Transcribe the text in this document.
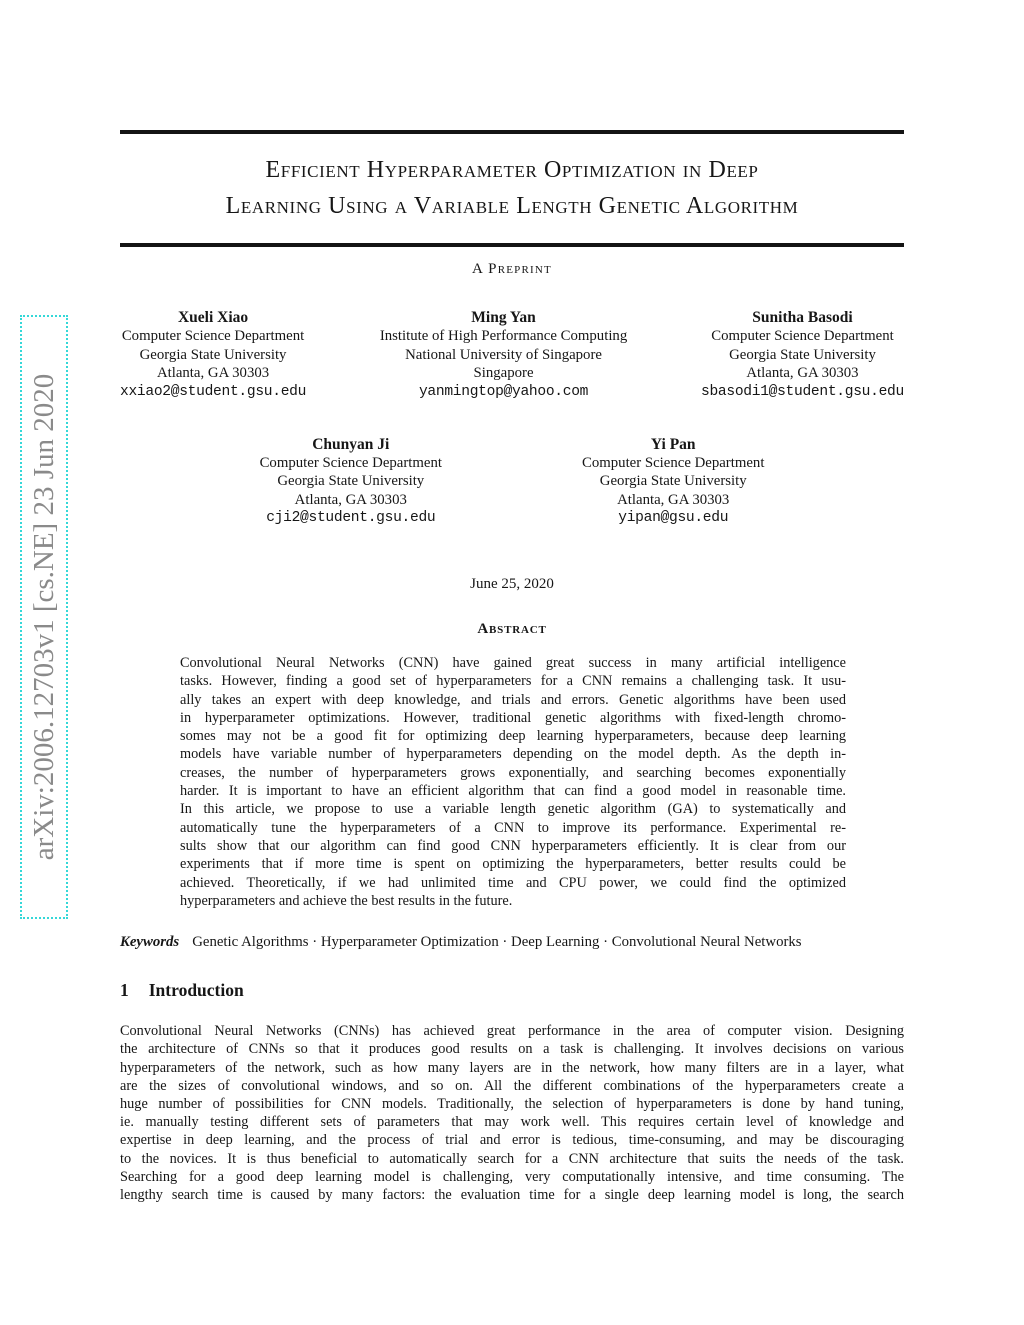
arXiv:2006.12703v1 [cs.NE] 23 Jun 2020
Efficient Hyperparameter Optimization in Deep
Learning Using a Variable Length Genetic Algorithm
A Preprint
Xueli Xiao
Computer Science Department
Georgia State University
Atlanta, GA 30303
xxiao2@student.gsu.edu
Ming Yan
Institute of High Performance Computing
National University of Singapore
Singapore
yanmingtop@yahoo.com
Sunitha Basodi
Computer Science Department
Georgia State University
Atlanta, GA 30303
sbasodi1@student.gsu.edu
Chunyan Ji
Computer Science Department
Georgia State University
Atlanta, GA 30303
cji2@student.gsu.edu
Yi Pan
Computer Science Department
Georgia State University
Atlanta, GA 30303
yipan@gsu.edu
June 25, 2020
Abstract
Convolutional Neural Networks (CNN) have gained great success in many artificial intelligence
tasks. However, finding a good set of hyperparameters for a CNN remains a challenging task. It usu-
ally takes an expert with deep knowledge, and trials and errors. Genetic algorithms have been used
in hyperparameter optimizations. However, traditional genetic algorithms with fixed-length chromo-
somes may not be a good fit for optimizing deep learning hyperparameters, because deep learning
models have variable number of hyperparameters depending on the model depth. As the depth in-
creases, the number of hyperparameters grows exponentially, and searching becomes exponentially
harder. It is important to have an efficient algorithm that can find a good model in reasonable time.
In this article, we propose to use a variable length genetic algorithm (GA) to systematically and
automatically tune the hyperparameters of a CNN to improve its performance. Experimental re-
sults show that our algorithm can find good CNN hyperparameters efficiently. It is clear from our
experiments that if more time is spent on optimizing the hyperparameters, better results could be
achieved. Theoretically, if we had unlimited time and CPU power, we could find the optimized
hyperparameters and achieve the best results in the future.
Keywords Genetic Algorithms · Hyperparameter Optimization · Deep Learning · Convolutional Neural Networks
1 Introduction
Convolutional Neural Networks (CNNs) has achieved great performance in the area of computer vision. Designing
the architecture of CNNs so that it produces good results on a task is challenging. It involves decisions on various
hyperparameters of the network, such as how many layers are in the network, how many filters are in a layer, what
are the sizes of convolutional windows, and so on. All the different combinations of the hyperparameters create a
huge number of possibilities for CNN models. Traditionally, the selection of hyperparameters is done by hand tuning,
ie. manually testing different sets of parameters that may work well. This requires certain level of knowledge and
expertise in deep learning, and the process of trial and error is tedious, time-consuming, and may be discouraging
to the novices. It is thus beneficial to automatically search for a CNN architecture that suits the needs of the task.
Searching for a good deep learning model is challenging, very computationally intensive, and time consuming. The
lengthy search time is caused by many factors: the evaluation time for a single deep learning model is long, the search
